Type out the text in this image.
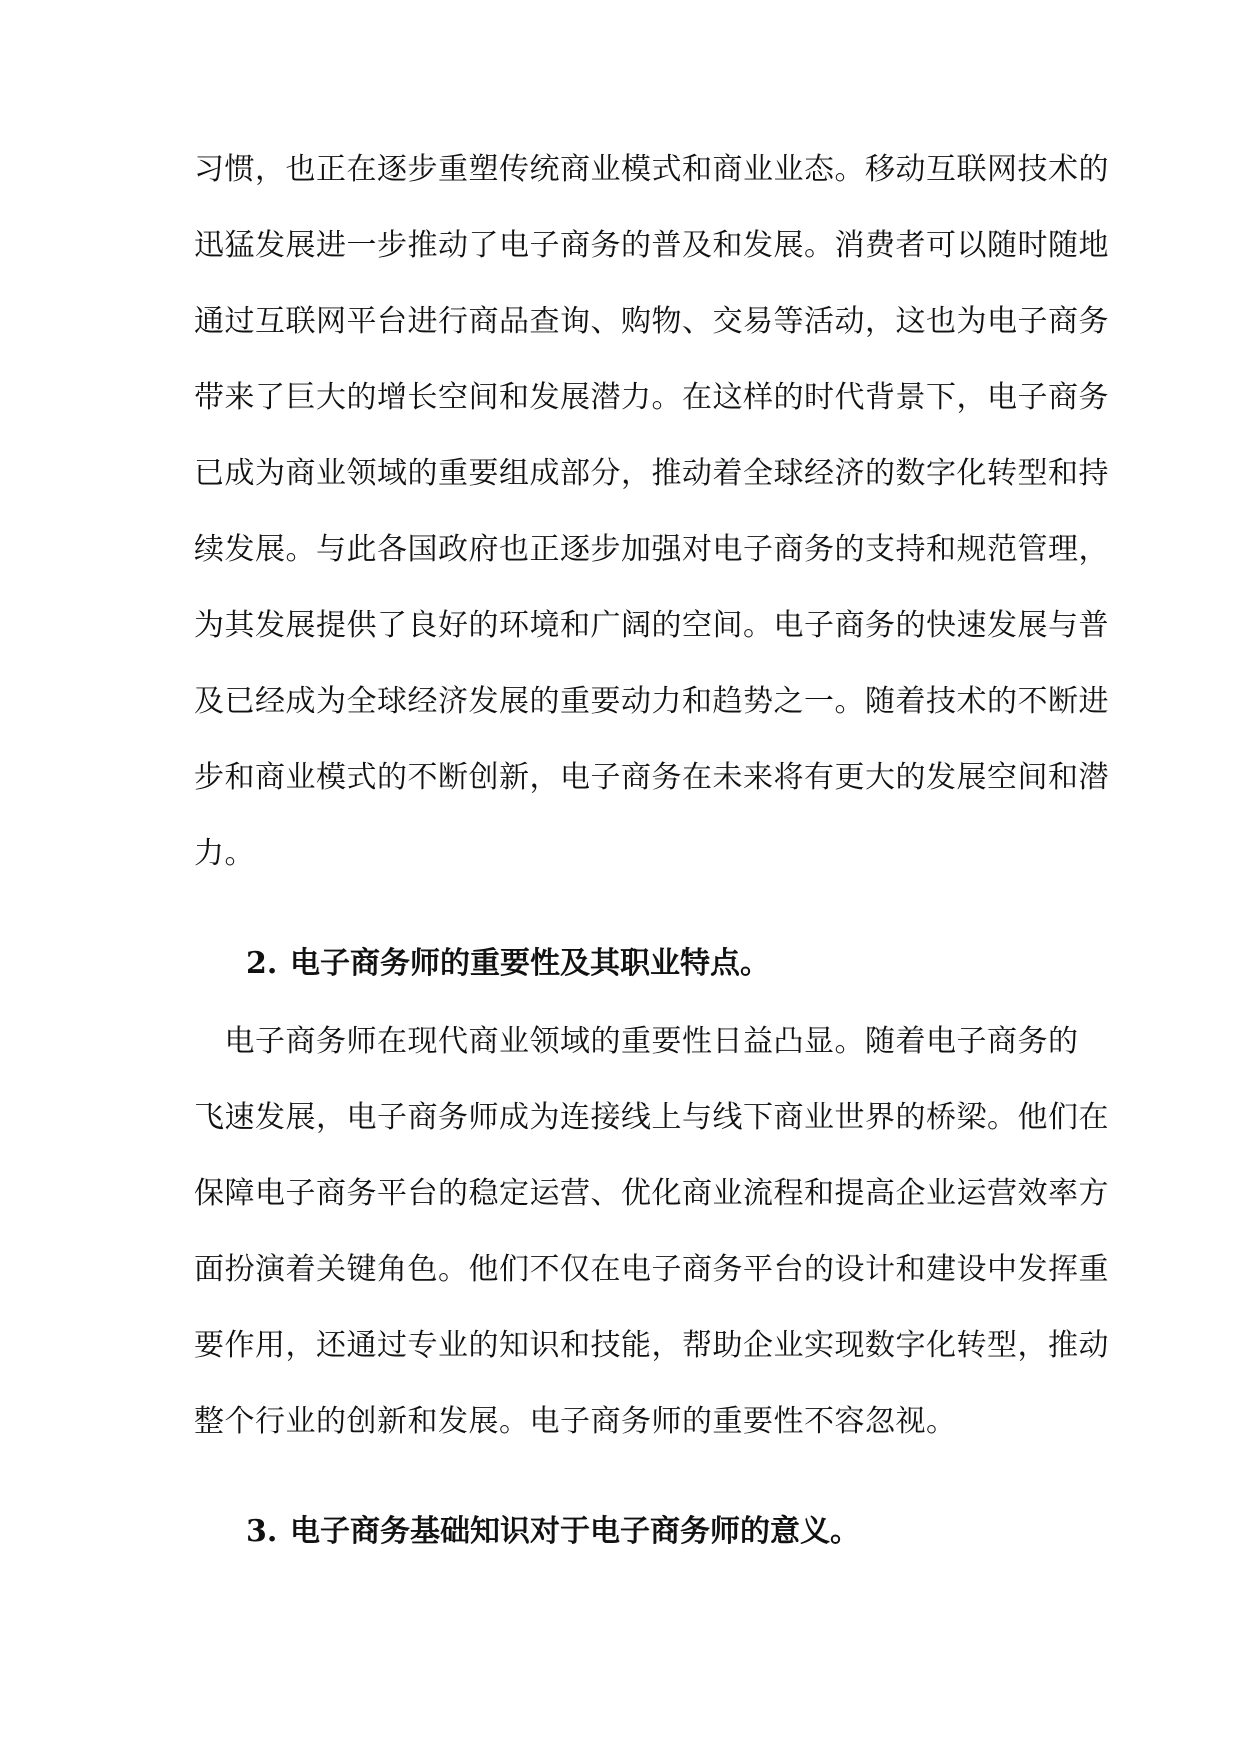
习惯，也正在逐步重塑传统商业模式和商业业态。移动互联网技术的
迅猛发展进一步推动了电子商务的普及和发展。消费者可以随时随地
通过互联网平台进行商品查询、购物、交易等活动，这也为电子商务
带来了巨大的增长空间和发展潜力。在这样的时代背景下，电子商务
已成为商业领域的重要组成部分，推动着全球经济的数字化转型和持
续发展。与此各国政府也正逐步加强对电子商务的支持和规范管理，
为其发展提供了良好的环境和广阔的空间。电子商务的快速发展与普
及已经成为全球经济发展的重要动力和趋势之一。随着技术的不断进
步和商业模式的不断创新，电子商务在未来将有更大的发展空间和潜
力。
2. 电子商务师的重要性及其职业特点。
　电子商务师在现代商业领域的重要性日益凸显。随着电子商务的
飞速发展，电子商务师成为连接线上与线下商业世界的桥梁。他们在
保障电子商务平台的稳定运营、优化商业流程和提高企业运营效率方
面扮演着关键角色。他们不仅在电子商务平台的设计和建设中发挥重
要作用，还通过专业的知识和技能，帮助企业实现数字化转型，推动
整个行业的创新和发展。电子商务师的重要性不容忽视。
3. 电子商务基础知识对于电子商务师的意义。
